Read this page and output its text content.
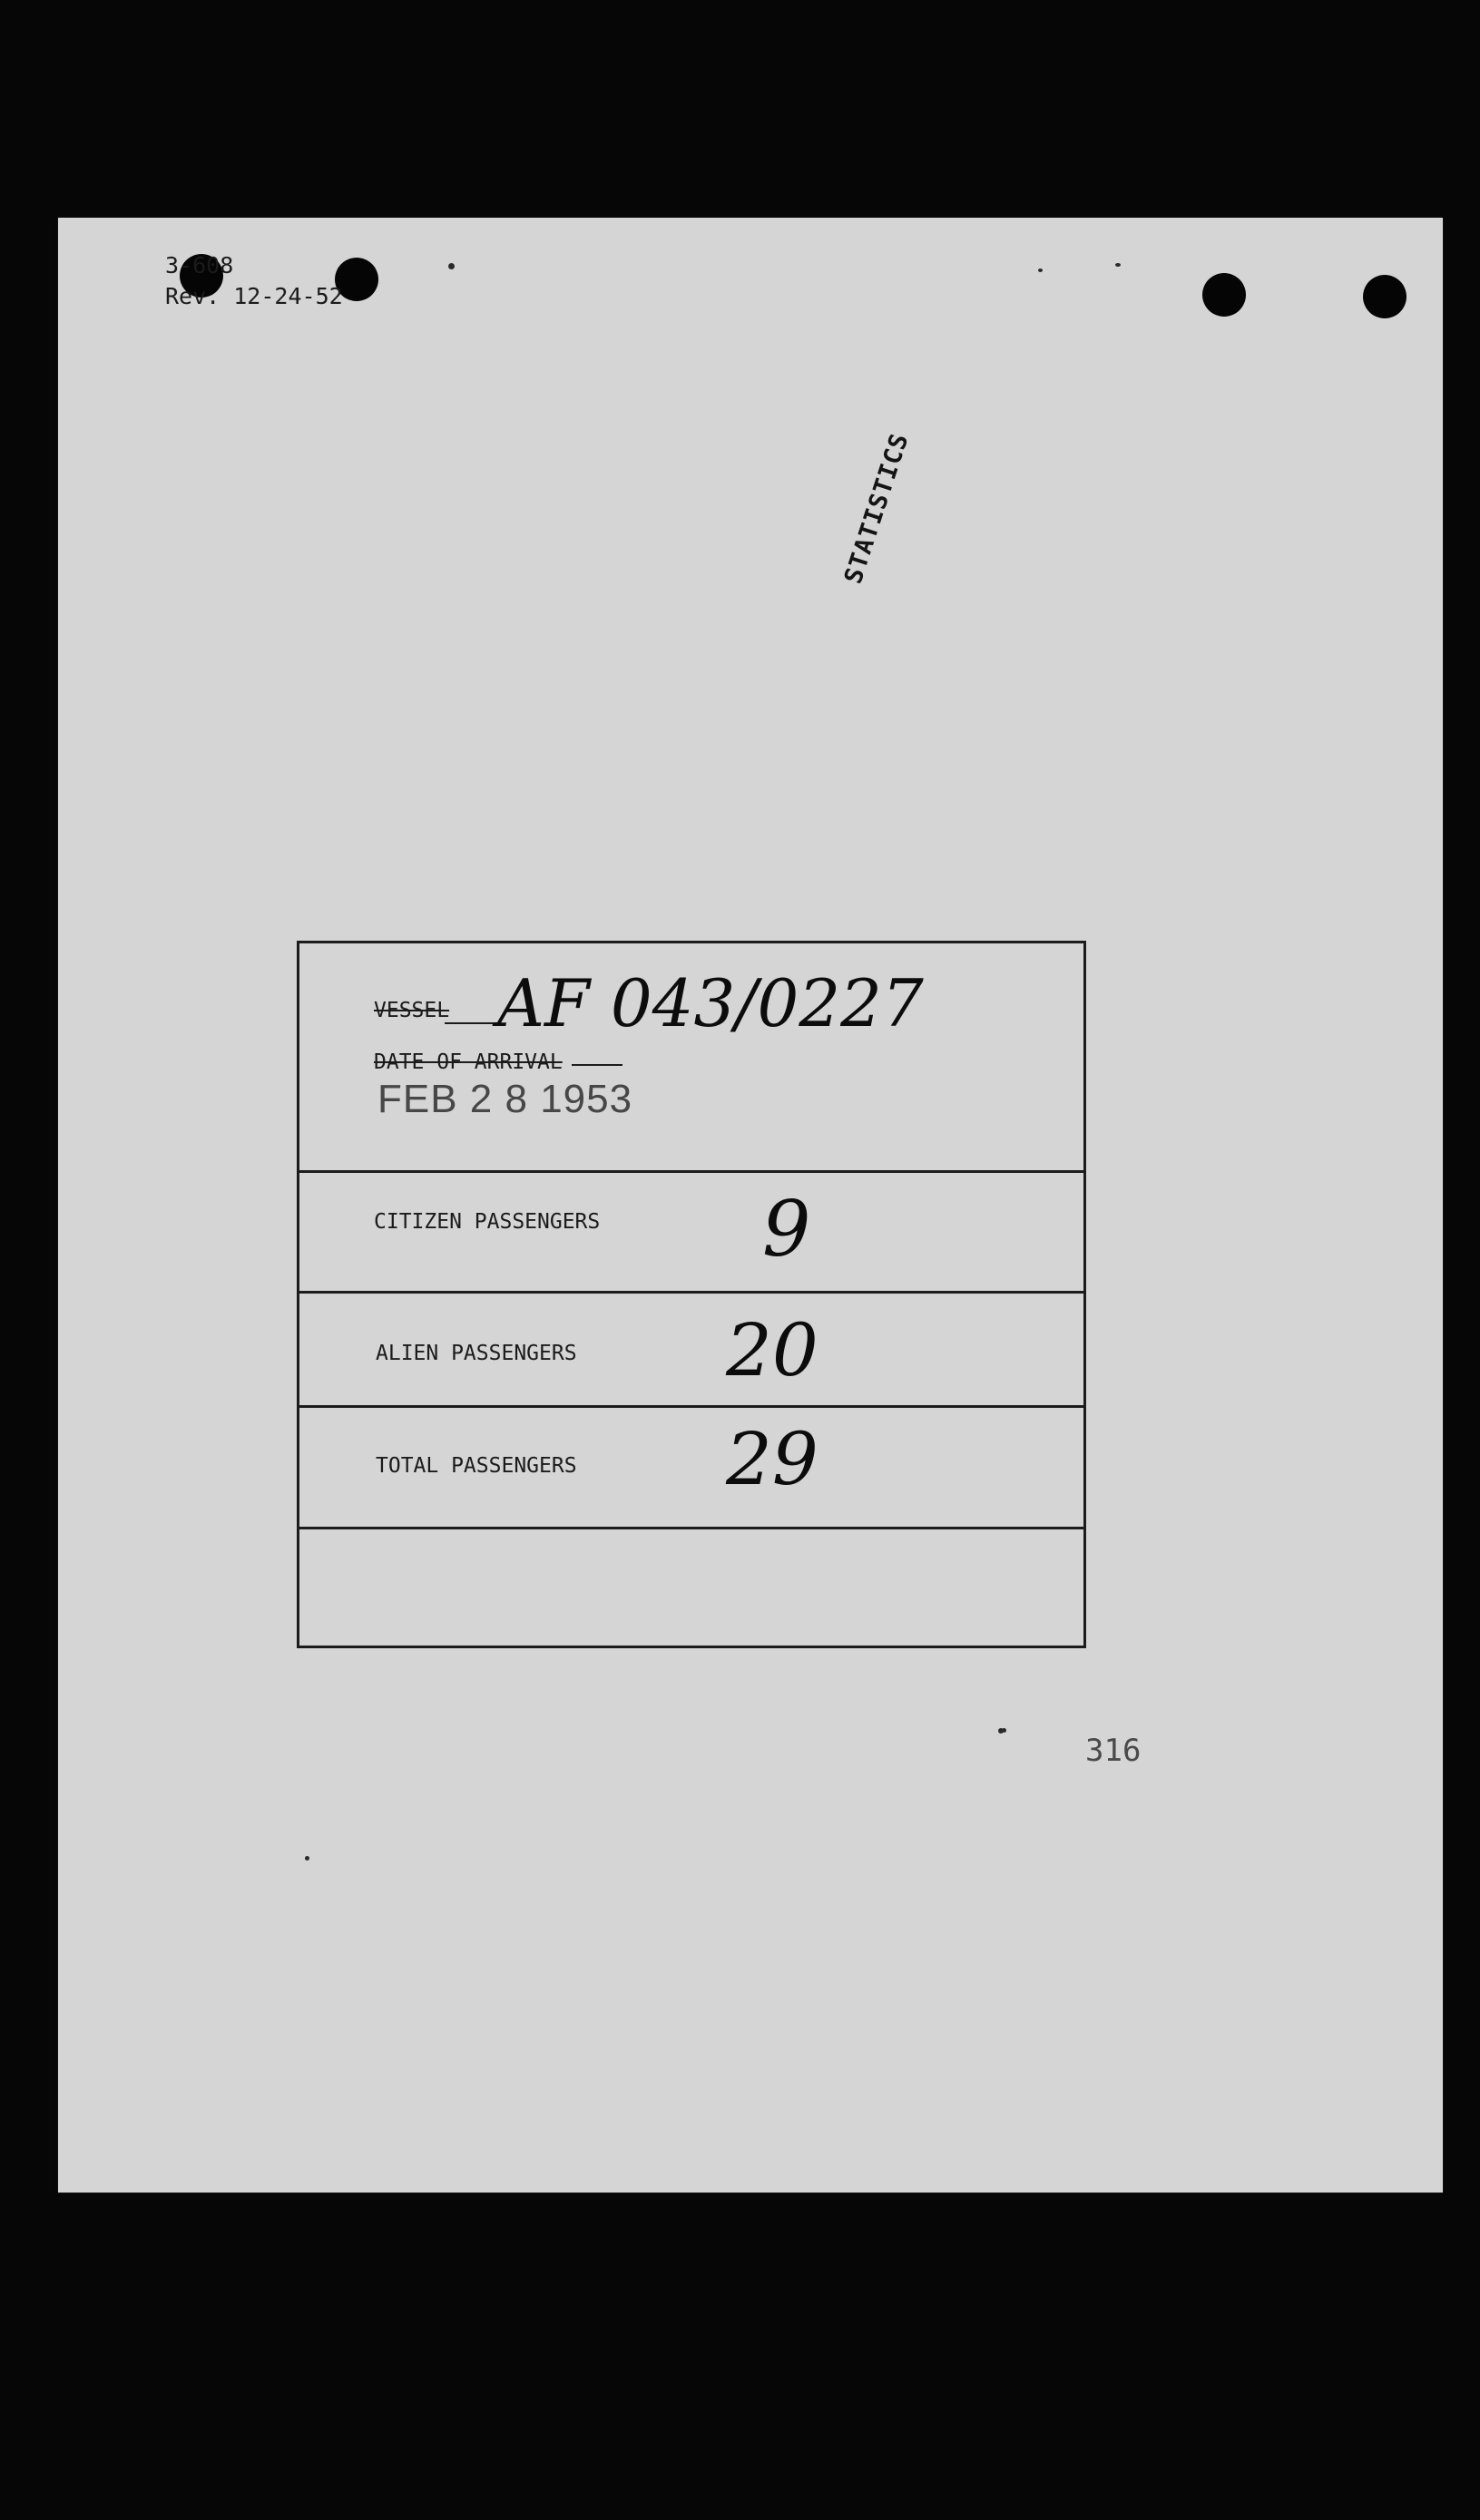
3-608
Rev. 12-24-52
STATISTICS
VESSEL AF 043/0227
DATE OF ARRIVAL
FEB 2 8 1953
CITIZEN PASSENGERS 9
ALIEN PASSENGERS 20
TOTAL PASSENGERS 29
316
